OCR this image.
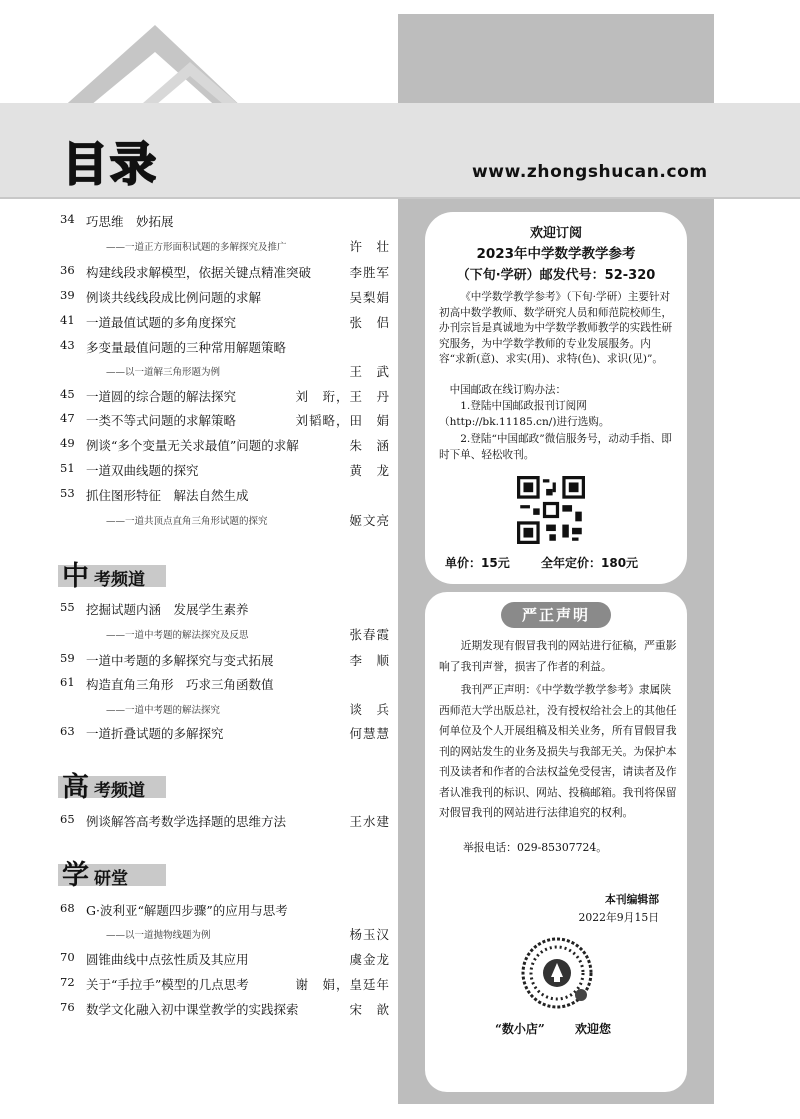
目录	www.zhongshucan.com
34 巧思维　妙拓展
——一道正方形面积试题的多解探究及推广	许　壮
36 构建线段求解模型，依据关键点精准突破	李胜军
39 例谈共线线段成比例问题的求解	吴梨娟
41 一道最值试题的多角度探究	张　侣
43 多变量最值问题的三种常用解题策略
——以一道解三角形题为例	王　武
45 一道圆的综合题的解法探究	刘　珩，王　丹
47 一类不等式问题的求解策略	刘韬略，田　娟
49 例谈“多个变量无关求最值”问题的求解	朱　涵
51 一道双曲线题的探究	黄　龙
53 抓住图形特征　解法自然生成
——一道共顶点直角三角形试题的探究	姬文亮
中 考频道
55 挖掘试题内涵　发展学生素养
——一道中考题的解法探究及反思	张春霞
59 一道中考题的多解探究与变式拓展	李　顺
61 构造直角三角形　巧求三角函数值
——一道中考题的解法探究	谈　兵
63 一道折叠试题的多解探究	何慧慧
高 考频道
65 例谈解答高考数学选择题的思维方法	王水建
学 研堂
68 G·波利亚“解题四步骤”的应用与思考
——以一道抛物线题为例	杨玉汉
70 圆锥曲线中点弦性质及其应用	虞金龙
72 关于“手拉手”模型的几点思考	谢　娟，皇廷年
76 数学文化融入初中课堂教学的实践探索	宋　歆
欢迎订阅
2023年中学数学教学参考
（下旬·学研）邮发代号：52-320
《中学数学教学参考》（下旬·学研）主要针对初高中数学教师、数学研究人员和师范院校师生，办刊宗旨是真诚地为中学数学教师教学的实践性研究服务，为中学数学教师的专业发展服务。内容“求新(意)、求实(用)、求特(色)、求识(见)”。
中国邮政在线订购办法：
1.登陆中国邮政报刊订阅网（http://bk.11185.cn/)进行选购。
2.登陆“中国邮政”微信服务号，动动手指、即时下单、轻松收刊。
单价：15元	全年定价：180元
严正声明
近期发现有假冒我刊的网站进行征稿，严重影响了我刊声誉，损害了作者的利益。
我刊严正声明：《中学数学教学参考》隶属陕西师范大学出版总社，没有授权给社会上的其他任何单位及个人开展组稿及相关业务，所有冒假冒我刊的网站发生的业务及损失与我部无关。为保护本刊及读者和作者的合法权益免受侵害，请读者及作者认准我刊的标识、网站、投稿邮箱。我刊将保留对假冒我刊的网站进行法律追究的权利。
举报电话：029-85307724。
本刊编辑部
2022年9月15日
“数小店”	欢迎您
